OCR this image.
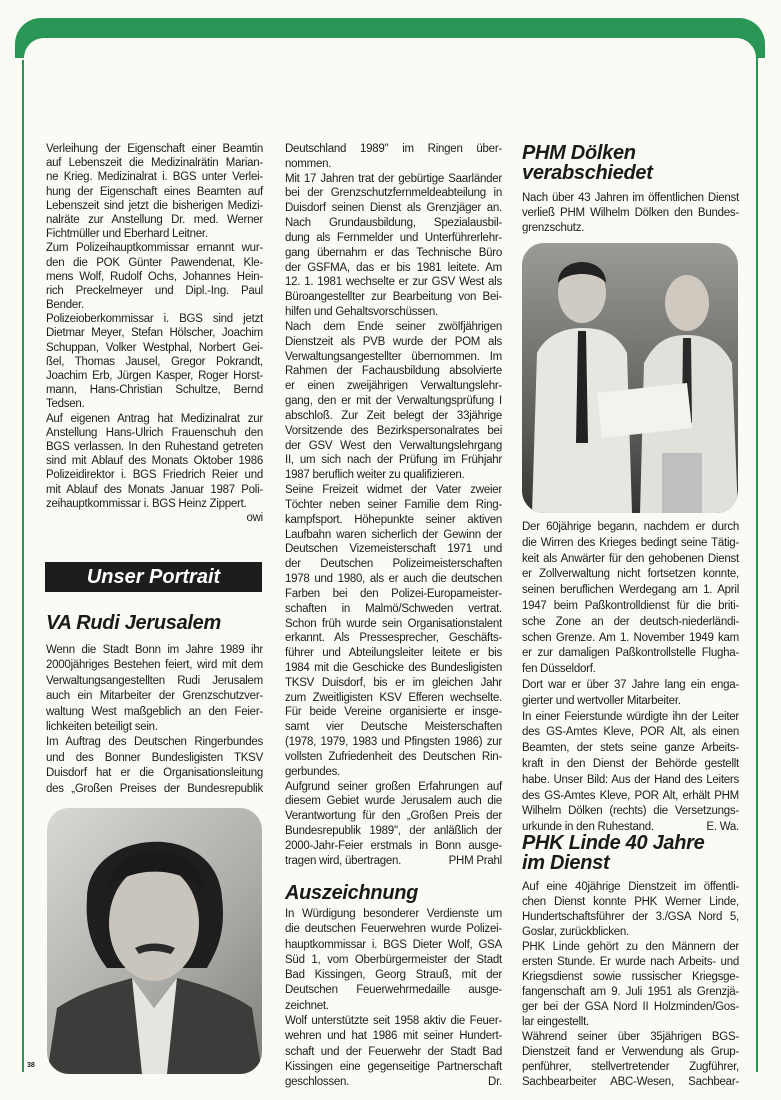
38
Verleihung der Eigenschaft einer Beamtin
auf Lebenszeit die Medizinalrätin Marian-
ne Krieg. Medizinalrat i. BGS unter Verlei-
hung der Eigenschaft eines Beamten auf
Lebenszeit sind jetzt die bisherigen Medizi-
nalräte zur Anstellung Dr. med. Werner
Fichtmüller und Eberhard Leitner.
Zum Polizeihauptkommissar ernannt wur-
den die POK Günter Pawendenat, Kle-
mens Wolf, Rudolf Ochs, Johannes Hein-
rich Preckelmeyer und Dipl.-Ing. Paul
Bender.
Polizeioberkommissar i. BGS sind jetzt
Dietmar Meyer, Stefan Hölscher, Joachim
Schuppan, Volker Westphal, Norbert Gei-
ßel, Thomas Jausel, Gregor Pokrandt,
Joachim Erb, Jürgen Kasper, Roger Horst-
mann, Hans-Christian Schultze, Bernd
Tedsen.
Auf eigenen Antrag hat Medizinalrat zur
Anstellung Hans-Ulrich Frauenschuh den
BGS verlassen. In den Ruhestand getreten
sind mit Ablauf des Monats Oktober 1986
Polizeidirektor i. BGS Friedrich Reier und
mit Ablauf des Monats Januar 1987 Poli-
zeihauptkommissar i. BGS Heinz Zippert.
owi
Unser Portrait
VA Rudi Jerusalem
Wenn die Stadt Bonn im Jahre 1989 ihr
2000jähriges Bestehen feiert, wird mit dem
Verwaltungsangestellten Rudi Jerusalem
auch ein Mitarbeiter der Grenzschutzver-
waltung West maßgeblich an den Feier-
lichkeiten beteiligt sein.
Im Auftrag des Deutschen Ringerbundes
und des Bonner Bundesligisten TKSV
Duisdorf hat er die Organisationsleitung
des „Großen Preises der Bundesrepublik
Deutschland 1989" im Ringen über-
nommen.
Mit 17 Jahren trat der gebürtige Saarländer
bei der Grenzschutzfernmeldeabteilung in
Duisdorf seinen Dienst als Grenzjäger an.
Nach Grundausbildung, Spezialausbil-
dung als Fernmelder und Unterführerlehr-
gang übernahm er das Technische Büro
der GSFMA, das er bis 1981 leitete. Am
12. 1. 1981 wechselte er zur GSV West als
Büroangestellter zur Bearbeitung von Bei-
hilfen und Gehaltsvorschüssen.
Nach dem Ende seiner zwölfjährigen
Dienstzeit als PVB wurde der POM als
Verwaltungsangestellter übernommen. Im
Rahmen der Fachausbildung absolvierte
er einen zweijährigen Verwaltungslehr-
gang, den er mit der Verwaltungsprüfung I
abschloß. Zur Zeit belegt der 33jährige
Vorsitzende des Bezirkspersonalrates bei
der GSV West den Verwaltungslehrgang
II, um sich nach der Prüfung im Frühjahr
1987 beruflich weiter zu qualifizieren.
Seine Freizeit widmet der Vater zweier
Töchter neben seiner Familie dem Ring-
kampfsport. Höhepunkte seiner aktiven
Laufbahn waren sicherlich der Gewinn der
Deutschen Vizemeisterschaft 1971 und
der Deutschen Polizeimeisterschaften
1978 und 1980, als er auch die deutschen
Farben bei den Polizei-Europameister-
schaften in Malmö/Schweden vertrat.
Schon früh wurde sein Organisationstalent
erkannt. Als Pressesprecher, Geschäfts-
führer und Abteilungsleiter leitete er bis
1984 mit die Geschicke des Bundesligisten
TKSV Duisdorf, bis er im gleichen Jahr
zum Zweitligisten KSV Efferen wechselte.
Für beide Vereine organisierte er insge-
samt vier Deutsche Meisterschaften
(1978, 1979, 1983 und Pfingsten 1986) zur
vollsten Zufriedenheit des Deutschen Rin-
gerbundes.
Aufgrund seiner großen Erfahrungen auf
diesem Gebiet wurde Jerusalem auch die
Verantwortung für den „Großen Preis der
Bundesrepublik 1989", der anläßlich der
2000-Jahr-Feier erstmals in Bonn ausge-
PHM Prahl
tragen wird, übertragen.
Auszeichnung
In Würdigung besonderer Verdienste um
die deutschen Feuerwehren wurde Polizei-
hauptkommissar i. BGS Dieter Wolf, GSA
Süd 1, vom Oberbürgermeister der Stadt
Bad Kissingen, Georg Strauß, mit der
Deutschen Feuerwehrmedaille ausge-
zeichnet.
Wolf unterstützte seit 1958 aktiv die Feuer-
wehren und hat 1986 mit seiner Hundert-
schaft und der Feuerwehr der Stadt Bad
Kissingen eine gegenseitige Partnerschaft
Dr.
geschlossen.
PHM Dölken
verabschiedet
Nach über 43 Jahren im öffentlichen Dienst
verließ PHM Wilhelm Dölken den Bundes-
grenzschutz.
Der 60jährige begann, nachdem er durch
die Wirren des Krieges bedingt seine Tätig-
keit als Anwärter für den gehobenen Dienst
er Zollverwaltung nicht fortsetzen konnte,
seinen beruflichen Werdegang am 1. April
1947 beim Paßkontrolldienst für die briti-
sche Zone an der deutsch-niederländi-
schen Grenze. Am 1. November 1949 kam
er zur damaligen Paßkontrollstelle Flugha-
fen Düsseldorf.
Dort war er über 37 Jahre lang ein enga-
gierter und wertvoller Mitarbeiter.
In einer Feierstunde würdigte ihn der Leiter
des GS-Amtes Kleve, POR Alt, als einen
Beamten, der stets seine ganze Arbeits-
kraft in den Dienst der Behörde gestellt
habe. Unser Bild: Aus der Hand des Leiters
des GS-Amtes Kleve, POR Alt, erhält PHM
Wilhelm Dölken (rechts) die Versetzungs-
E. Wa.
urkunde in den Ruhestand.
PHK Linde 40 Jahre
im Dienst
Auf eine 40jährige Dienstzeit im öffentli-
chen Dienst konnte PHK Werner Linde,
Hundertschaftsführer der 3./GSA Nord 5,
Goslar, zurückblicken.
PHK Linde gehört zu den Männern der
ersten Stunde. Er wurde nach Arbeits- und
Kriegsdienst sowie russischer Kriegsge-
fangenschaft am 9. Juli 1951 als Grenzjä-
ger bei der GSA Nord II Holzminden/Gos-
lar eingestellt.
Während seiner über 35jährigen BGS-
Dienstzeit fand er Verwendung als Grup-
penführer, stellvertretender Zugführer,
Sachbearbeiter ABC-Wesen, Sachbear-
